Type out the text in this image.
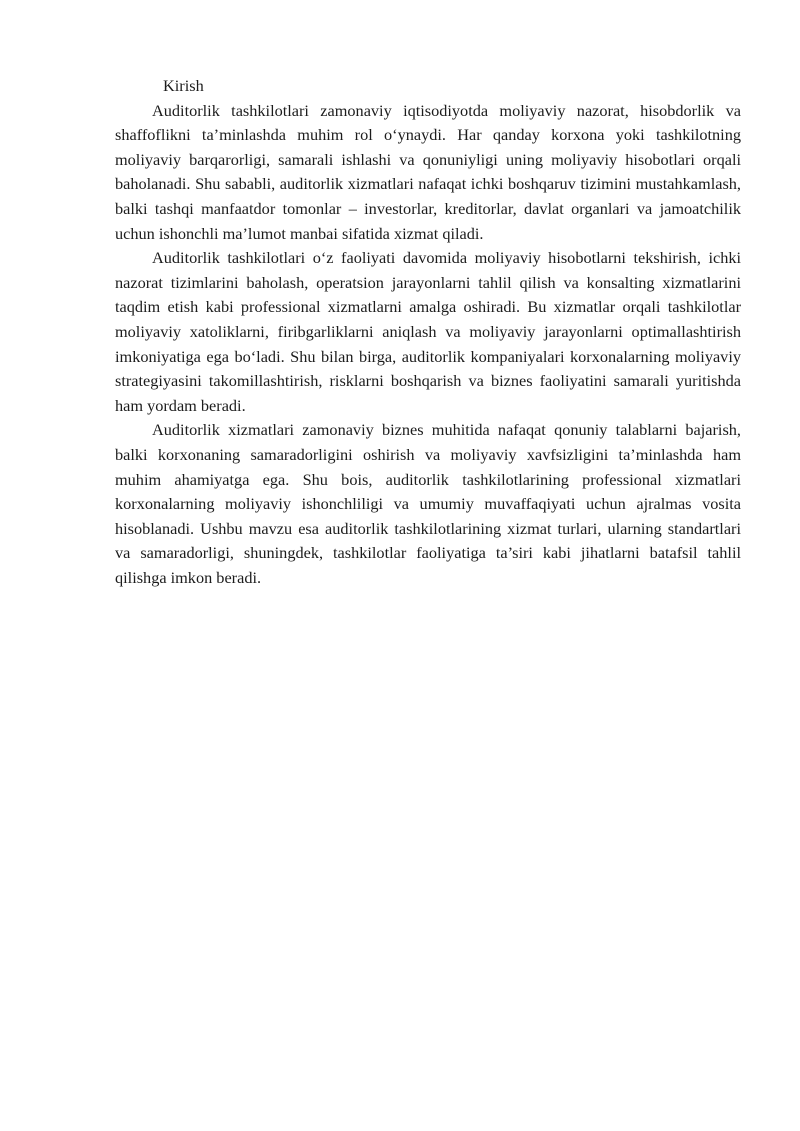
Kirish

Auditorlik tashkilotlari zamonaviy iqtisodiyotda moliyaviy nazorat, hisobdorlik va shaffoflikni ta’minlashda muhim rol o‘ynaydi. Har qanday korxona yoki tashkilotning moliyaviy barqarorligi, samarali ishlashi va qonuniyligi uning moliyaviy hisobotlari orqali baholanadi. Shu sababli, auditorlik xizmatlari nafaqat ichki boshqaruv tizimini mustahkamlash, balki tashqi manfaatdor tomonlar – investorlar, kreditorlar, davlat organlari va jamoatchilik uchun ishonchli ma’lumot manbai sifatida xizmat qiladi.

Auditorlik tashkilotlari o‘z faoliyati davomida moliyaviy hisobotlarni tekshirish, ichki nazorat tizimlarini baholash, operatsion jarayonlarni tahlil qilish va konsalting xizmatlarini taqdim etish kabi professional xizmatlarni amalga oshiradi. Bu xizmatlar orqali tashkilotlar moliyaviy xatoliklarni, firibgarliklarni aniqlash va moliyaviy jarayonlarni optimallashtirish imkoniyatiga ega bo‘ladi. Shu bilan birga, auditorlik kompaniyalari korxonalarning moliyaviy strategiyasini takomillashtirish, risklarni boshqarish va biznes faoliyatini samarali yuritishda ham yordam beradi.

Auditorlik xizmatlari zamonaviy biznes muhitida nafaqat qonuniy talablarni bajarish, balki korxonaning samaradorligini oshirish va moliyaviy xavfsizligini ta’minlashda ham muhim ahamiyatga ega. Shu bois, auditorlik tashkilotlarining professional xizmatlari korxonalarning moliyaviy ishonchliligi va umumiy muvaffaqiyati uchun ajralmas vosita hisoblanadi. Ushbu mavzu esa auditorlik tashkilotlarining xizmat turlari, ularning standartlari va samaradorligi, shuningdek, tashkilotlar faoliyatiga ta’siri kabi jihatlarni batafsil tahlil qilishga imkon beradi.
